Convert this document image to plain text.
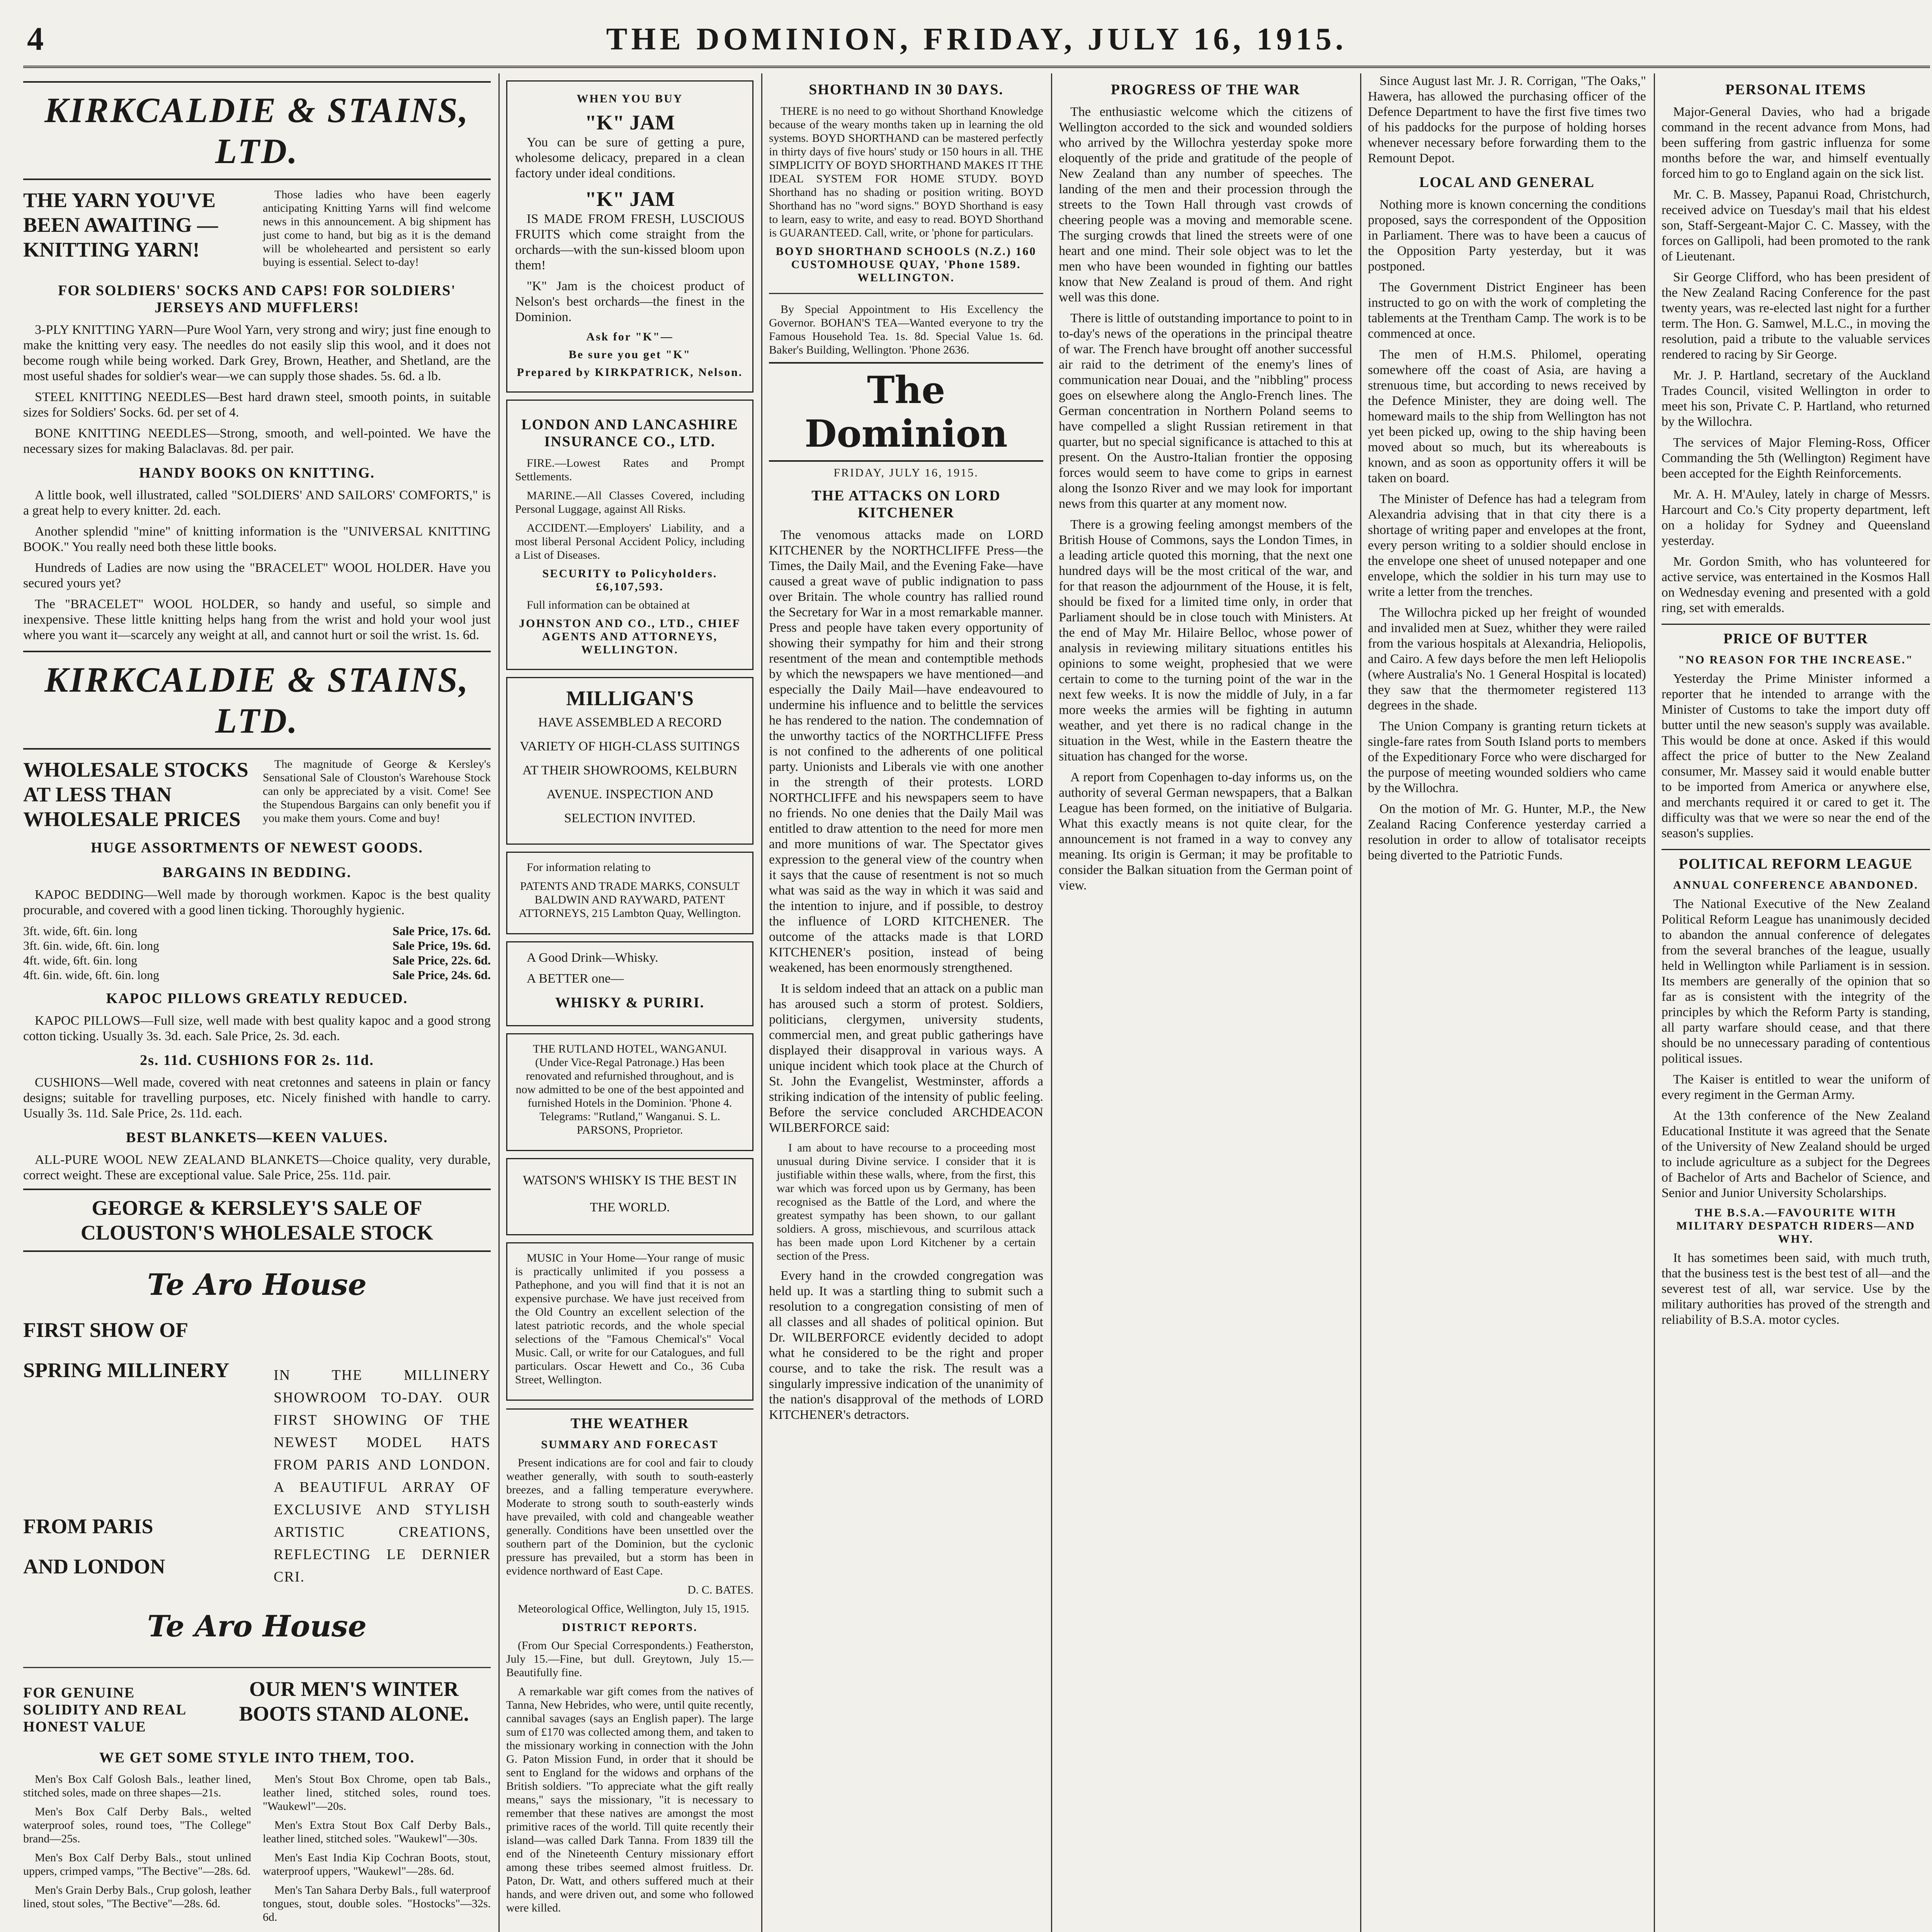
4	THE DOMINION, FRIDAY, JULY 16, 1915.
KIRKCALDIE & STAINS, LTD.
THE YARN YOU'VE BEEN AWAITING —KNITTING YARN!

Those ladies who have been eagerly anticipating Knitting Yarns will find welcome news in this announcement. A big shipment has just come to hand, but big as it is the demand will be wholehearted and persistent so early buying is essential. Select to-day!

FOR SOLDIERS' SOCKS AND CAPS! FOR SOLDIERS' JERSEYS AND MUFFLERS!

3-PLY KNITTING YARN—Pure Wool Yarn, very strong and wiry; just fine enough to make the knitting very easy. The needles do not easily slip this wool, and it does not become rough while being worked. Dark Grey, Brown, Heather, and Shetland, are the most useful shades for soldier's wear—we can supply those shades. 5s. 6d. a lb.

STEEL KNITTING NEEDLES—Best hard drawn steel, smooth points, in suitable sizes for Soldiers' Socks. 6d. per set of 4.

BONE KNITTING NEEDLES—Strong, smooth, and well-pointed. We have the necessary sizes for making Balaclavas. 8d. per pair.

HANDY BOOKS ON KNITTING.

A little book, well illustrated, called "SOLDIERS' AND SAILORS' COMFORTS," is a great help to every knitter. 2d. each.

Another splendid "mine" of knitting information is the "UNIVERSAL KNITTING BOOK." You really need both these little books.

Hundreds of Ladies are now using the "BRACELET" WOOL HOLDER. Have you secured yours yet?

The "BRACELET" WOOL HOLDER, so handy and useful, so simple and inexpensive. These little knitting helps hang from the wrist and hold your wool just where you want it—scarcely any weight at all, and cannot hurt or soil the wrist. 1s. 6d.

KIRKCALDIE & STAINS, LTD.
WHOLESALE STOCKS AT LESS THAN WHOLESALE PRICES

The magnitude of George & Kersley's Sensational Sale of Clouston's Warehouse Stock can only be appreciated by a visit. Come! See the Stupendous Bargains can only benefit you if you make them yours. Come and buy!

HUGE ASSORTMENTS OF NEWEST GOODS.
BARGAINS IN BEDDING.

KAPOC BEDDING—Well made by thorough workmen. Kapoc is the best quality procurable, and covered with a good linen ticking. Thoroughly hygienic.

3ft. wide, 6ft. 6in. long	Sale Price, 17s. 6d.
3ft. 6in. wide, 6ft. 6in. long	Sale Price, 19s. 6d.
4ft. wide, 6ft. 6in. long	Sale Price, 22s. 6d.
4ft. 6in. wide, 6ft. 6in. long	Sale Price, 24s. 6d.
KAPOC PILLOWS GREATLY REDUCED.

KAPOC PILLOWS—Full size, well made with best quality kapoc and a good strong cotton ticking. Usually 3s. 3d. each. Sale Price, 2s. 3d. each.

2s. 11d. CUSHIONS FOR 2s. 11d.

CUSHIONS—Well made, covered with neat cretonnes and sateens in plain or fancy designs; suitable for travelling purposes, etc. Nicely finished with handle to carry. Usually 3s. 11d. Sale Price, 2s. 11d. each.

BEST BLANKETS—KEEN VALUES.

ALL-PURE WOOL NEW ZEALAND BLANKETS—Choice quality, very durable, correct weight. These are exceptional value. Sale Price, 25s. 11d. pair.

GEORGE & KERSLEY'S SALE OF CLOUSTON'S WHOLESALE STOCK
Te Aro House
FIRST SHOW OF
SPRING MILLINERY
FROM PARIS
AND LONDON

IN THE MILLINERY SHOWROOM TO-DAY. OUR FIRST SHOWING OF THE NEWEST MODEL HATS FROM PARIS AND LONDON. A BEAUTIFUL ARRAY OF EXCLUSIVE AND STYLISH ARTISTIC CREATIONS, REFLECTING LE DERNIER CRI.

Te Aro House
FOR GENUINE SOLIDITY AND REAL HONEST VALUE
OUR MEN'S WINTER BOOTS STAND ALONE.
WE GET SOME STYLE INTO THEM, TOO.

Men's Box Calf Golosh Bals., leather lined, stitched soles, made on three shapes—21s.

Men's Box Calf Derby Bals., welted waterproof soles, round toes, "The College" brand—25s.

Men's Box Calf Derby Bals., stout unlined uppers, crimped vamps, "The Bective"—28s. 6d.

Men's Grain Derby Bals., Crup golosh, leather lined, stout soles, "The Bective"—28s. 6d.

Men's Stout Box Chrome, open tab Bals., leather lined, stitched soles, round toes. "Waukewl"—20s.

Men's Extra Stout Box Calf Derby Bals., leather lined, stitched soles. "Waukewl"—30s.

Men's East India Kip Cochran Boots, stout, waterproof uppers, "Waukewl"—28s. 6d.

Men's Tan Sahara Derby Bals., full waterproof tongues, stout, double soles. "Hostocks"—32s. 6d.

WHEN YOU BUY
"K" JAM

You can be sure of getting a pure, wholesome delicacy, prepared in a clean factory under ideal conditions.

"K" JAM

IS MADE FROM FRESH, LUSCIOUS FRUITS which come straight from the orchards—with the sun-kissed bloom upon them!

"K" Jam is the choicest product of Nelson's best orchards—the finest in the Dominion.

Ask for "K"—
Be sure you get "K"
Prepared by KIRKPATRICK, Nelson.
LONDON AND LANCASHIRE INSURANCE CO., LTD.

FIRE.—Lowest Rates and Prompt Settlements.

MARINE.—All Classes Covered, including Personal Luggage, against All Risks.

ACCIDENT.—Employers' Liability, and a most liberal Personal Accident Policy, including a List of Diseases.

SECURITY to Policyholders. £6,107,593.

Full information can be obtained at

JOHNSTON AND CO., LTD., CHIEF AGENTS AND ATTORNEYS, WELLINGTON.
MILLIGAN'S

HAVE ASSEMBLED A RECORD VARIETY OF HIGH-CLASS SUITINGS AT THEIR SHOWROOMS, KELBURN AVENUE. INSPECTION AND SELECTION INVITED.

For information relating to

PATENTS AND TRADE MARKS, CONSULT BALDWIN AND RAYWARD, PATENT ATTORNEYS, 215 Lambton Quay, Wellington.

A Good Drink—Whisky.

A BETTER one—

WHISKY & PURIRI.

THE RUTLAND HOTEL, WANGANUI. (Under Vice-Regal Patronage.) Has been renovated and refurnished throughout, and is now admitted to be one of the best appointed and furnished Hotels in the Dominion. 'Phone 4. Telegrams: "Rutland," Wanganui. S. L. PARSONS, Proprietor.

WATSON'S WHISKY IS THE BEST IN THE WORLD.

MUSIC in Your Home—Your range of music is practically unlimited if you possess a Pathephone, and you will find that it is not an expensive purchase. We have just received from the Old Country an excellent selection of the latest patriotic records, and the whole special selections of the "Famous Chemical's" Vocal Music. Call, or write for our Catalogues, and full particulars. Oscar Hewett and Co., 36 Cuba Street, Wellington.

THE WEATHER
SUMMARY AND FORECAST

Present indications are for cool and fair to cloudy weather generally, with south to south-easterly breezes, and a falling temperature everywhere. Moderate to strong south to south-easterly winds have prevailed, with cold and changeable weather generally. Conditions have been unsettled over the southern part of the Dominion, but the cyclonic pressure has prevailed, but a storm has been in evidence northward of East Cape.

D. C. BATES.

Meteorological Office, Wellington, July 15, 1915.

DISTRICT REPORTS.

(From Our Special Correspondents.) Featherston, July 15.—Fine, but dull. Greytown, July 15.—Beautifully fine.

A remarkable war gift comes from the natives of Tanna, New Hebrides, who were, until quite recently, cannibal savages (says an English paper). The large sum of £170 was collected among them, and taken to the missionary working in connection with the John G. Paton Mission Fund, in order that it should be sent to England for the widows and orphans of the British soldiers. "To appreciate what the gift really means," says the missionary, "it is necessary to remember that these natives are amongst the most primitive races of the world. Till quite recently their island—was called Dark Tanna. From 1839 till the end of the Nineteenth Century missionary effort among these tribes seemed almost fruitless. Dr. Paton, Dr. Watt, and others suffered much at their hands, and were driven out, and some who followed were killed.

SHORTHAND IN 30 DAYS.

THERE is no need to go without Shorthand Knowledge because of the weary months taken up in learning the old systems. BOYD SHORTHAND can be mastered perfectly in thirty days of five hours' study or 150 hours in all. THE SIMPLICITY OF BOYD SHORTHAND MAKES IT THE IDEAL SYSTEM FOR HOME STUDY. BOYD Shorthand has no shading or position writing. BOYD Shorthand has no "word signs." BOYD Shorthand is easy to learn, easy to write, and easy to read. BOYD Shorthand is GUARANTEED. Call, write, or 'phone for particulars.

BOYD SHORTHAND SCHOOLS (N.Z.) 160 CUSTOMHOUSE QUAY, 'Phone 1589. WELLINGTON.

By Special Appointment to His Excellency the Governor. BOHAN'S TEA—Wanted everyone to try the Famous Household Tea. 1s. 8d. Special Value 1s. 6d. Baker's Building, Wellington. 'Phone 2636.

The Dominion
FRIDAY, JULY 16, 1915.
THE ATTACKS ON LORD KITCHENER

The venomous attacks made on LORD KITCHENER by the NORTHCLIFFE Press—the Times, the Daily Mail, and the Evening Fake—have caused a great wave of public indignation to pass over Britain. The whole country has rallied round the Secretary for War in a most remarkable manner. Press and people have taken every opportunity of showing their sympathy for him and their strong resentment of the mean and contemptible methods by which the newspapers we have mentioned—and especially the Daily Mail—have endeavoured to undermine his influence and to belittle the services he has rendered to the nation. The condemnation of the unworthy tactics of the NORTHCLIFFE Press is not confined to the adherents of one political party. Unionists and Liberals vie with one another in the strength of their protests. LORD NORTHCLIFFE and his newspapers seem to have no friends. No one denies that the Daily Mail was entitled to draw attention to the need for more men and more munitions of war. The Spectator gives expression to the general view of the country when it says that the cause of resentment is not so much what was said as the way in which it was said and the intention to injure, and if possible, to destroy the influence of LORD KITCHENER. The outcome of the attacks made is that LORD KITCHENER's position, instead of being weakened, has been enormously strengthened.

It is seldom indeed that an attack on a public man has aroused such a storm of protest. Soldiers, politicians, clergymen, university students, commercial men, and great public gatherings have displayed their disapproval in various ways. A unique incident which took place at the Church of St. John the Evangelist, Westminster, affords a striking indication of the intensity of public feeling. Before the service concluded ARCHDEACON WILBERFORCE said:

I am about to have recourse to a proceeding most unusual during Divine service. I consider that it is justifiable within these walls, where, from the first, this war which was forced upon us by Germany, has been recognised as the Battle of the Lord, and where the greatest sympathy has been shown, to our gallant soldiers. A gross, mischievous, and scurrilous attack has been made upon Lord Kitchener by a certain section of the Press.

Every hand in the crowded congregation was held up. It was a startling thing to submit such a resolution to a congregation consisting of men of all classes and all shades of political opinion. But Dr. WILBERFORCE evidently decided to adopt what he considered to be the right and proper course, and to take the risk. The result was a singularly impressive indication of the unanimity of the nation's disapproval of the methods of LORD KITCHENER's detractors.

PROGRESS OF THE WAR

The enthusiastic welcome which the citizens of Wellington accorded to the sick and wounded soldiers who arrived by the Willochra yesterday spoke more eloquently of the pride and gratitude of the people of New Zealand than any number of speeches. The landing of the men and their procession through the streets to the Town Hall through vast crowds of cheering people was a moving and memorable scene. The surging crowds that lined the streets were of one heart and one mind. Their sole object was to let the men who have been wounded in fighting our battles know that New Zealand is proud of them. And right well was this done.

There is little of outstanding importance to point to in to-day's news of the operations in the principal theatre of war. The French have brought off another successful air raid to the detriment of the enemy's lines of communication near Douai, and the "nibbling" process goes on elsewhere along the Anglo-French lines. The German concentration in Northern Poland seems to have compelled a slight Russian retirement in that quarter, but no special significance is attached to this at present. On the Austro-Italian frontier the opposing forces would seem to have come to grips in earnest along the Isonzo River and we may look for important news from this quarter at any moment now.

There is a growing feeling amongst members of the British House of Commons, says the London Times, in a leading article quoted this morning, that the next one hundred days will be the most critical of the war, and for that reason the adjournment of the House, it is felt, should be fixed for a limited time only, in order that Parliament should be in close touch with Ministers. At the end of May Mr. Hilaire Belloc, whose power of analysis in reviewing military situations entitles his opinions to some weight, prophesied that we were certain to come to the turning point of the war in the next few weeks. It is now the middle of July, in a far more weeks the armies will be fighting in autumn weather, and yet there is no radical change in the situation in the West, while in the Eastern theatre the situation has changed for the worse.

A report from Copenhagen to-day informs us, on the authority of several German newspapers, that a Balkan League has been formed, on the initiative of Bulgaria. What this exactly means is not quite clear, for the announcement is not framed in a way to convey any meaning. Its origin is German; it may be profitable to consider the Balkan situation from the German point of view.

Since August last Mr. J. R. Corrigan, "The Oaks," Hawera, has allowed the purchasing officer of the Defence Department to have the first five times two of his paddocks for the purpose of holding horses whenever necessary before forwarding them to the Remount Depot.

LOCAL AND GENERAL

Nothing more is known concerning the conditions proposed, says the correspondent of the Opposition in Parliament. There was to have been a caucus of the Opposition Party yesterday, but it was postponed.

The Government District Engineer has been instructed to go on with the work of completing the tablements at the Trentham Camp. The work is to be commenced at once.

The men of H.M.S. Philomel, operating somewhere off the coast of Asia, are having a strenuous time, but according to news received by the Defence Minister, they are doing well. The homeward mails to the ship from Wellington has not yet been picked up, owing to the ship having been moved about so much, but its whereabouts is known, and as soon as opportunity offers it will be taken on board.

The Minister of Defence has had a telegram from Alexandria advising that in that city there is a shortage of writing paper and envelopes at the front, every person writing to a soldier should enclose in the envelope one sheet of unused notepaper and one envelope, which the soldier in his turn may use to write a letter from the trenches.

The Willochra picked up her freight of wounded and invalided men at Suez, whither they were railed from the various hospitals at Alexandria, Heliopolis, and Cairo. A few days before the men left Heliopolis (where Australia's No. 1 General Hospital is located) they saw that the thermometer registered 113 degrees in the shade.

The Union Company is granting return tickets at single-fare rates from South Island ports to members of the Expeditionary Force who were discharged for the purpose of meeting wounded soldiers who came by the Willochra.

On the motion of Mr. G. Hunter, M.P., the New Zealand Racing Conference yesterday carried a resolution in order to allow of totalisator receipts being diverted to the Patriotic Funds.

PERSONAL ITEMS

Major-General Davies, who had a brigade command in the recent advance from Mons, had been suffering from gastric influenza for some months before the war, and himself eventually forced him to go to England again on the sick list.

Mr. C. B. Massey, Papanui Road, Christchurch, received advice on Tuesday's mail that his eldest son, Staff-Sergeant-Major C. C. Massey, with the forces on Gallipoli, had been promoted to the rank of Lieutenant.

Sir George Clifford, who has been president of the New Zealand Racing Conference for the past twenty years, was re-elected last night for a further term. The Hon. G. Samwel, M.L.C., in moving the resolution, paid a tribute to the valuable services rendered to racing by Sir George.

Mr. J. P. Hartland, secretary of the Auckland Trades Council, visited Wellington in order to meet his son, Private C. P. Hartland, who returned by the Willochra.

The services of Major Fleming-Ross, Officer Commanding the 5th (Wellington) Regiment have been accepted for the Eighth Reinforcements.

Mr. A. H. M'Auley, lately in charge of Messrs. Harcourt and Co.'s City property department, left on a holiday for Sydney and Queensland yesterday.

Mr. Gordon Smith, who has volunteered for active service, was entertained in the Kosmos Hall on Wednesday evening and presented with a gold ring, set with emeralds.

PRICE OF BUTTER
"NO REASON FOR THE INCREASE."

Yesterday the Prime Minister informed a reporter that he intended to arrange with the Minister of Customs to take the import duty off butter until the new season's supply was available. This would be done at once. Asked if this would affect the price of butter to the New Zealand consumer, Mr. Massey said it would enable butter to be imported from America or anywhere else, and merchants required it or cared to get it. The difficulty was that we were so near the end of the season's supplies.

POLITICAL REFORM LEAGUE
ANNUAL CONFERENCE ABANDONED.

The National Executive of the New Zealand Political Reform League has unanimously decided to abandon the annual conference of delegates from the several branches of the league, usually held in Wellington while Parliament is in session. Its members are generally of the opinion that so far as is consistent with the integrity of the principles by which the Reform Party is standing, all party warfare should cease, and that there should be no unnecessary parading of contentious political issues.

The Kaiser is entitled to wear the uniform of every regiment in the German Army.

At the 13th conference of the New Zealand Educational Institute it was agreed that the Senate of the University of New Zealand should be urged to include agriculture as a subject for the Degrees of Bachelor of Arts and Bachelor of Science, and Senior and Junior University Scholarships.

THE B.S.A.—FAVOURITE WITH MILITARY DESPATCH RIDERS—AND WHY.

It has sometimes been said, with much truth, that the business test is the best test of all—and the severest test of all, war service. Use by the military authorities has proved of the strength and reliability of B.S.A. motor cycles.
